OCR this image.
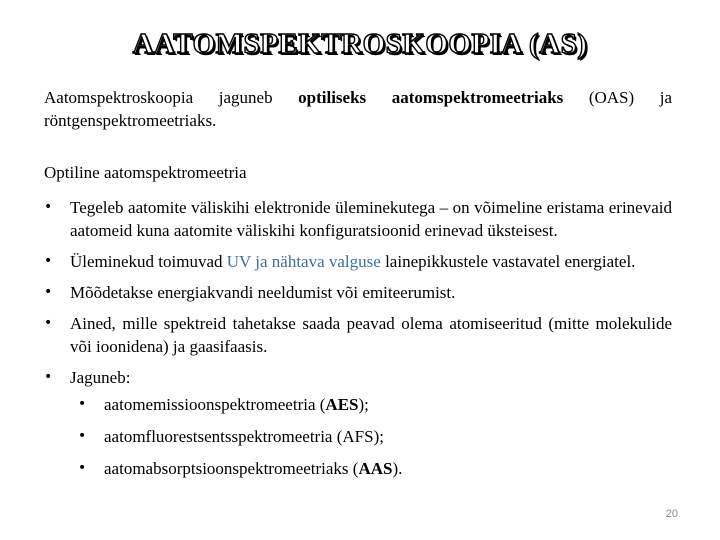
AATOMSPEKTROSKOOPIA (AS)

Aatomspektroskoopia jaguneb optiliseks aatomspektromeetriaks (OAS) ja röntgenspektromeetriaks.

Optiline aatomspektromeetria
• Tegeleb aatomite väliskihi elektronide üleminekutega – on võimeline eristama erinevaid aatomeid kuna aatomite väliskihi konfiguratsioonid erinevad üksteisest.
• Üleminekud toimuvad UV ja nähtava valguse lainepikkustele vastavatel energiatel.
• Mõõdetakse energiakvandi neeldumist või emiteerumist.
• Ained, mille spektreid tahetakse saada peavad olema atomiseeritud (mitte molekulide või ioonidena) ja gaasifaasis.
• Jaguneb:
• aatomemissioonspektromeetria (AES);
• aatomfluorestsentsspektromeetria (AFS);
• aatomabsorptsioonspektromeetriaks (AAS).
20
